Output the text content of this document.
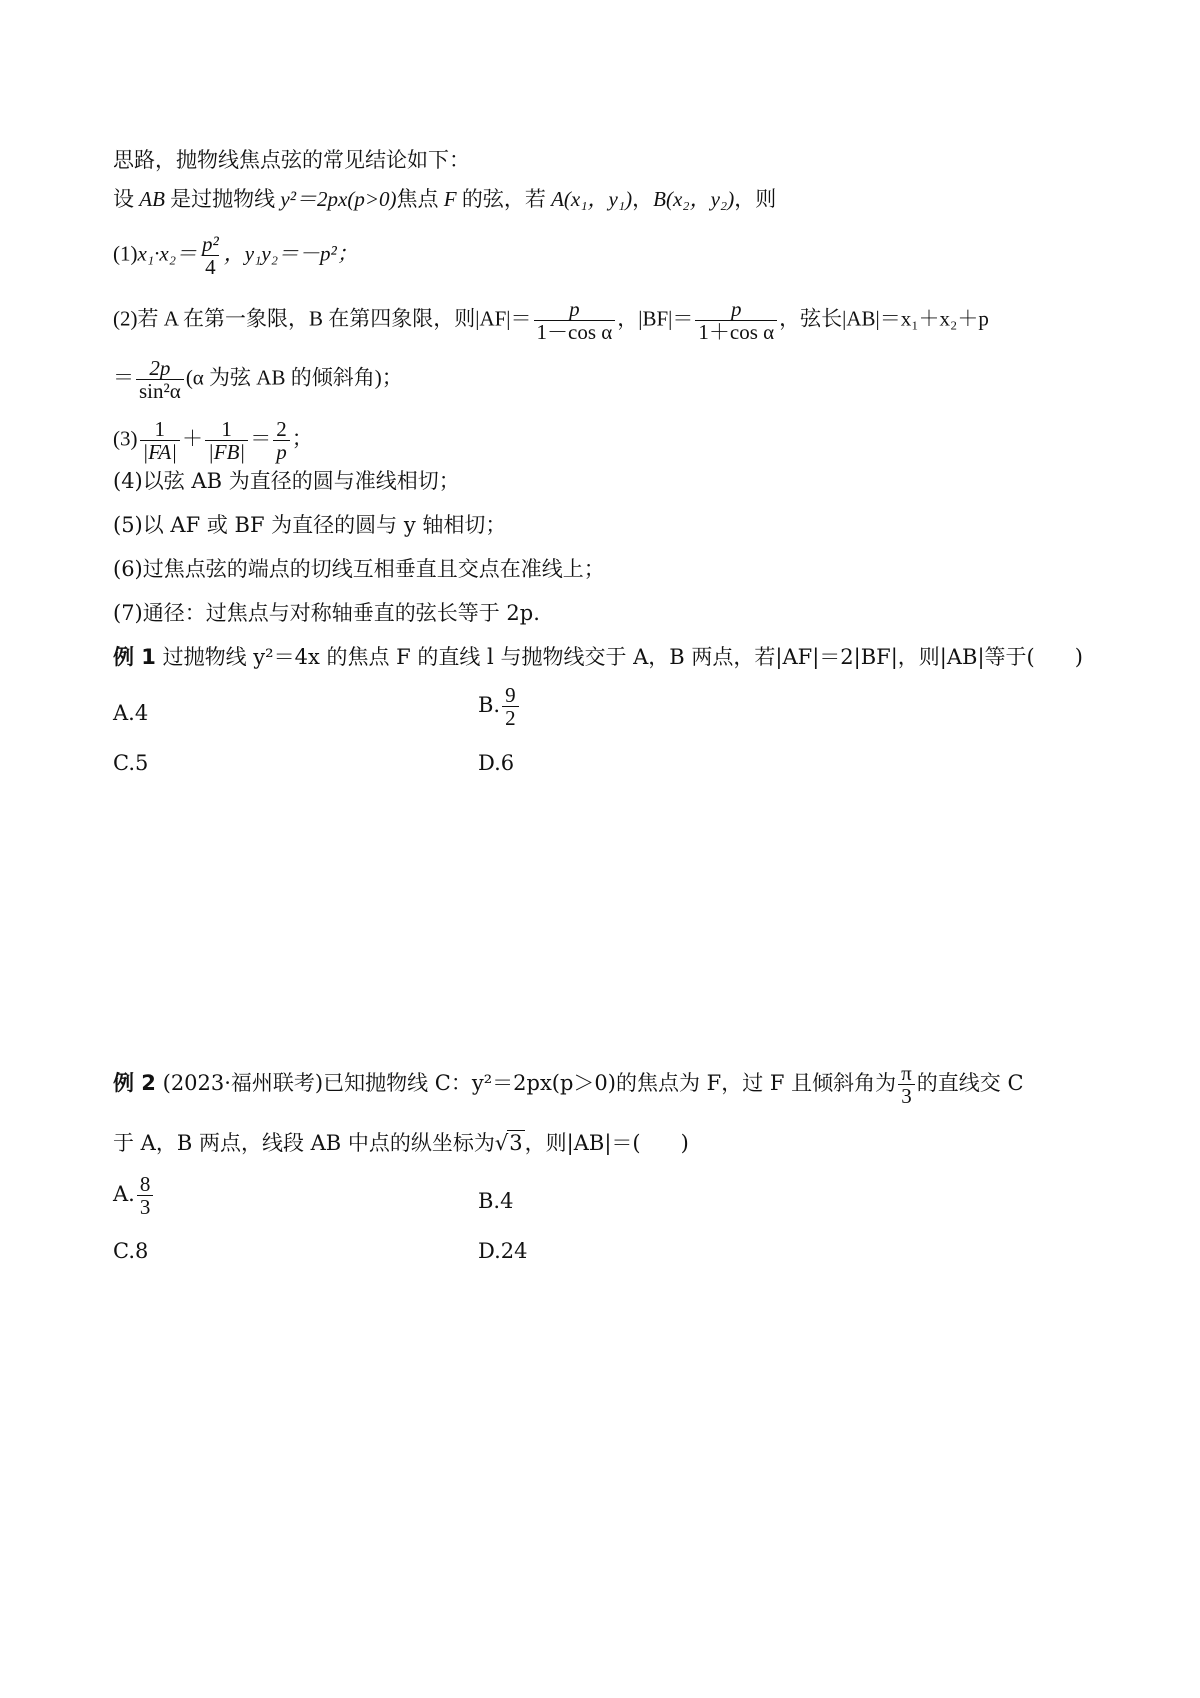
思路，抛物线焦点弦的常见结论如下：
设 AB 是过抛物线 y²＝2px(p>0)焦点 F 的弦，若 A(x₁，y₁)，B(x₂，y₂)，则
$(1)x_1\cdot x_2= \frac{\text{p²}}{4}$ ，y₁y₂＝－p²；
(2)若 A 在第一象限，B 在第四象限，则$|AF|= \frac{p}{\text{1－cos α}}$ ，$|BF|= \frac{p}{\text{1＋cos α}}$ ，弦长|AB|＝x₁＋x₂＋p
＝ $\frac{2p}{\text{sin²α}} (\alpha$ 为弦 AB 的倾斜角)；
$(3) \frac{1}{|FA|} + \frac{1}{|FB|} = \frac{2}{p}$ ；
(4)以弦 AB 为直径的圆与准线相切；
(5)以 AF 或 BF 为直径的圆与 y 轴相切；
(6)过焦点弦的端点的切线互相垂直且交点在准线上；
(7)通径：过焦点与对称轴垂直的弦长等于 2p.
例 1 过抛物线 y²＝4x 的焦点 F 的直线 l 与抛物线交于 A，B 两点，若|AF|＝2|BF|，则|AB|等于( )
A.4	B. $\frac{9}{2}$
C.5	D.6
例 2 (2023·福州联考)已知抛物线 C：y²＝2px(p＞0)的焦点为 F，过 F 且倾斜角为 $\frac{\pi}{3}$ 的直线交 C
于 A，B 两点，线段 AB 中点的纵坐标为√3，则|AB|＝( )
A. $\frac{8}{3}$	B.4
C.8	D.24
